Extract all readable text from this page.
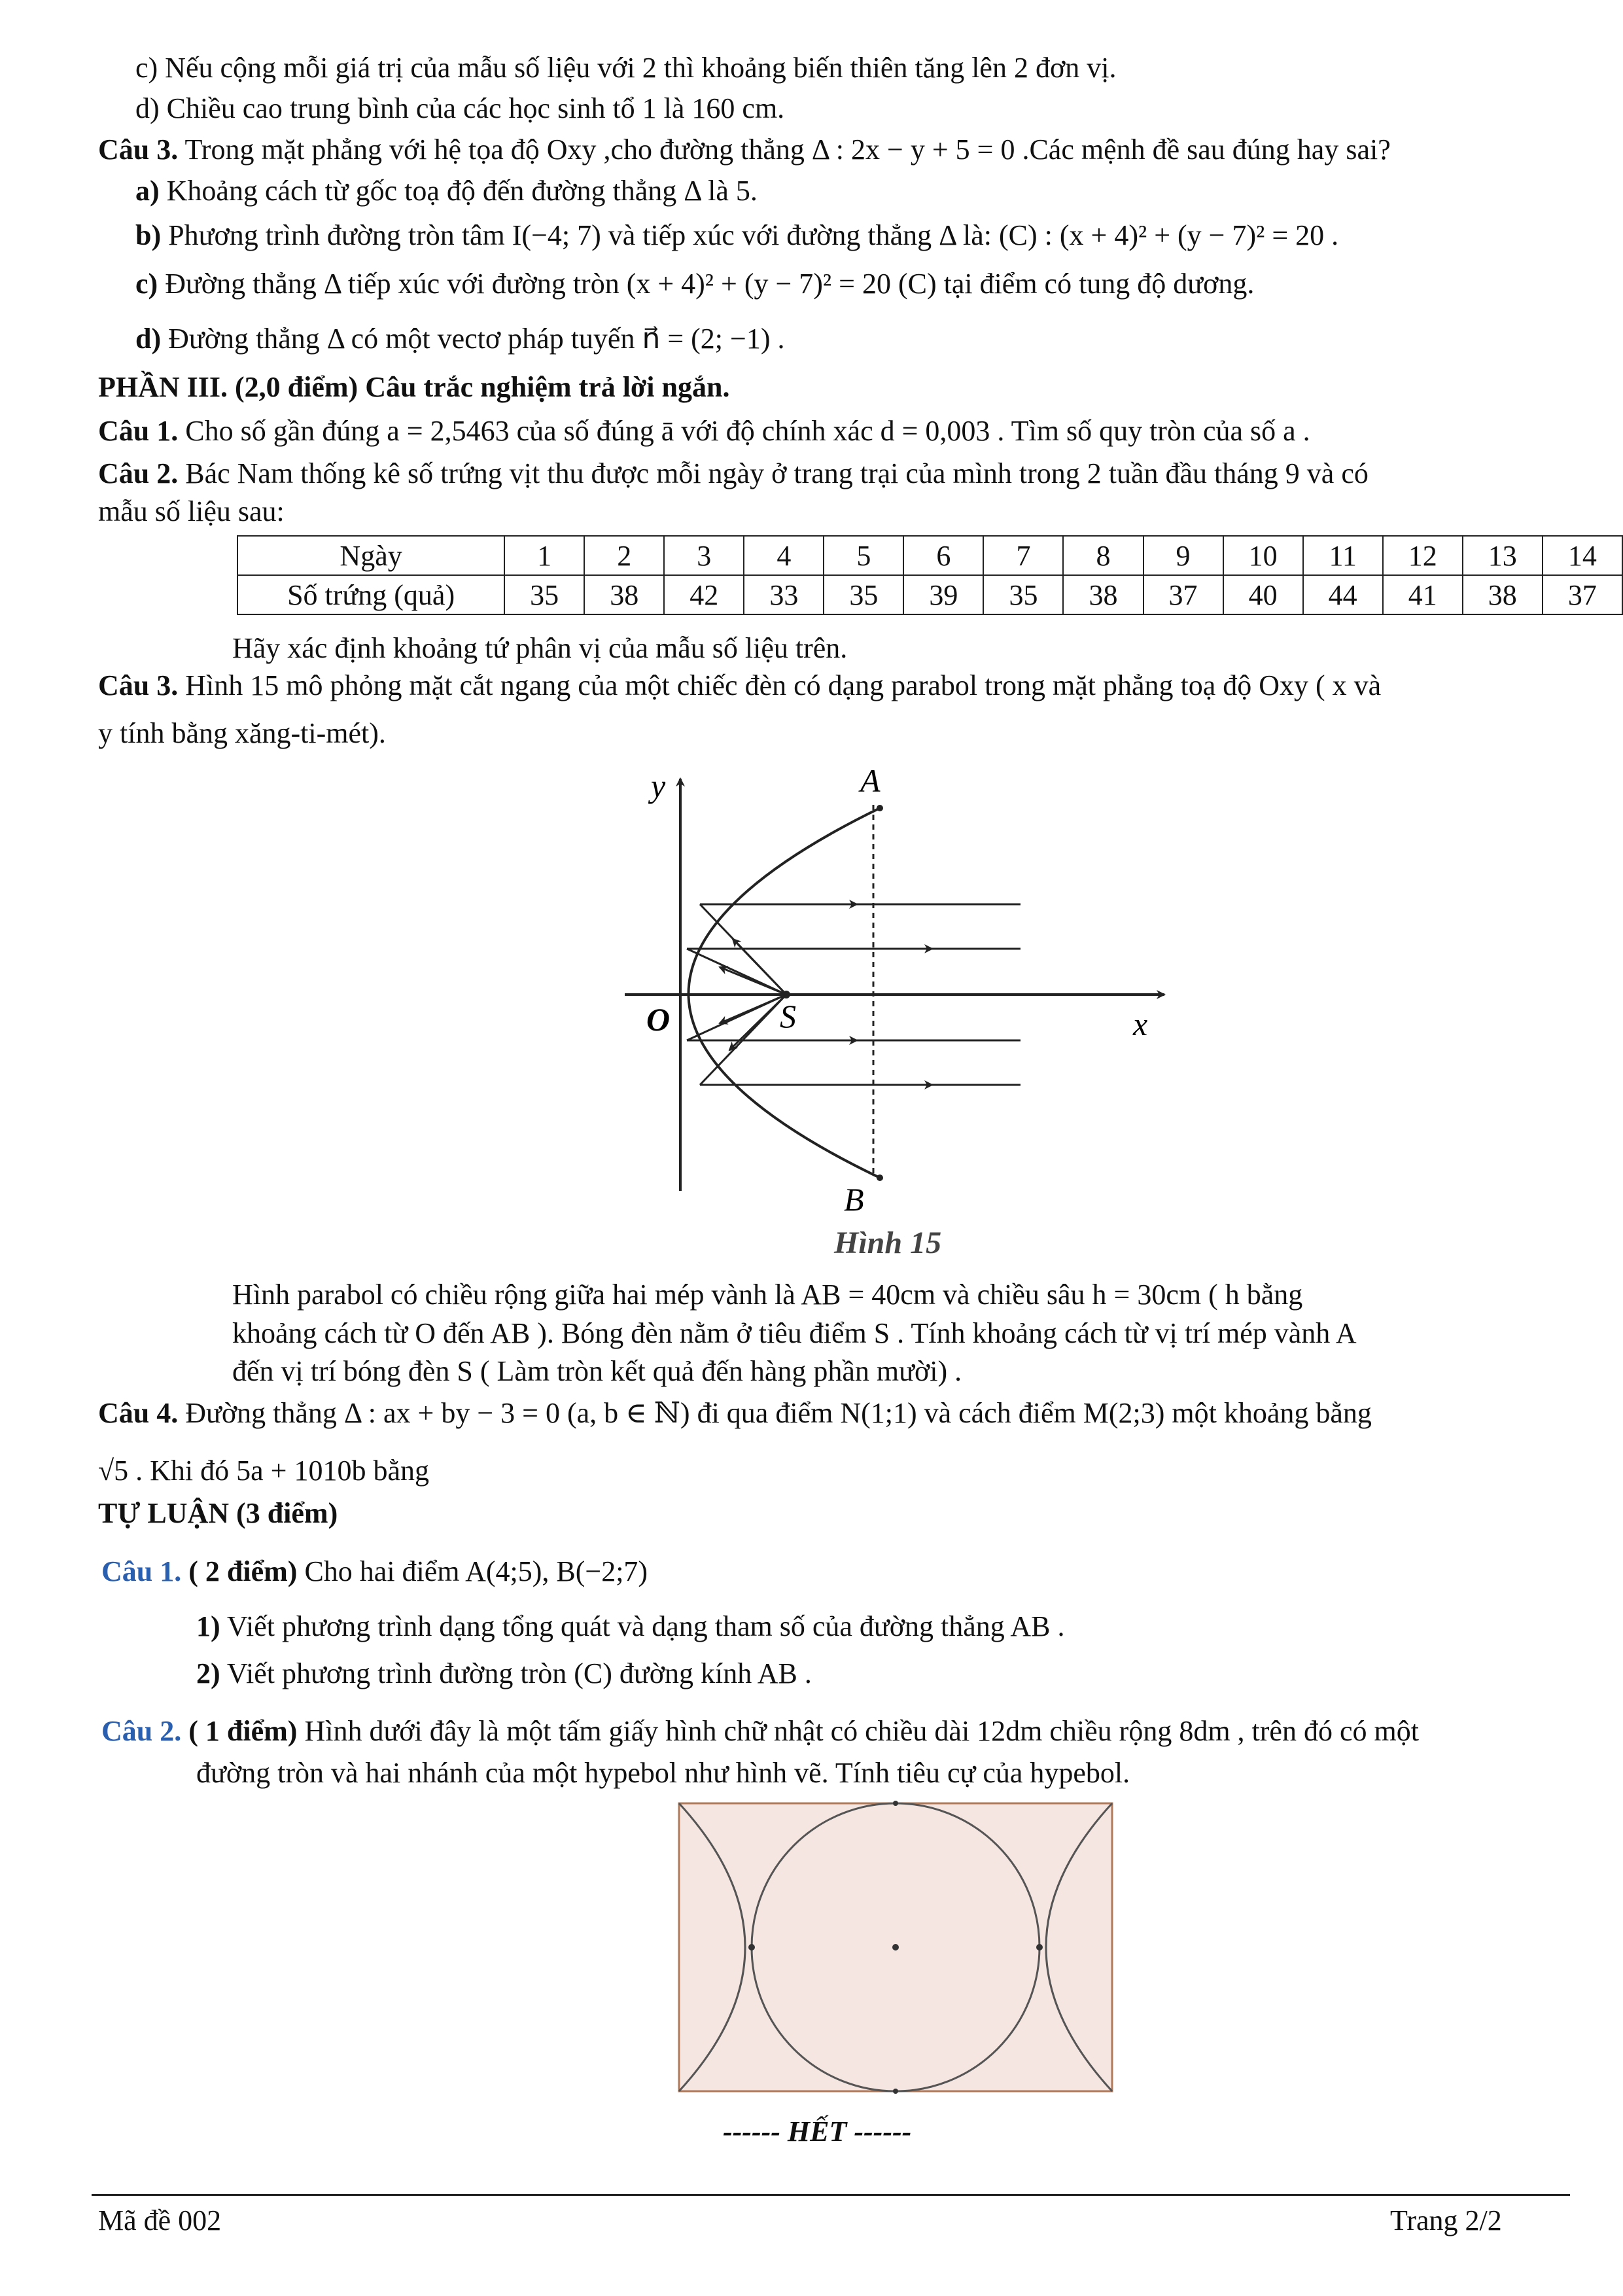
c) Nếu cộng mỗi giá trị của mẫu số liệu với 2 thì khoảng biến thiên tăng lên 2 đơn vị.
d) Chiều cao trung bình của các học sinh tổ 1 là 160 cm.
Câu 3. Trong mặt phẳng với hệ tọa độ Oxy ,cho đường thẳng Δ : 2x − y + 5 = 0 .Các mệnh đề sau đúng hay sai?
a) Khoảng cách từ gốc toạ độ đến đường thẳng Δ là 5.
b) Phương trình đường tròn tâm I(−4; 7) và tiếp xúc với đường thẳng Δ là: (C) : (x + 4)² + (y − 7)² = 20 .
c) Đường thẳng Δ tiếp xúc với đường tròn (x + 4)² + (y − 7)² = 20 (C) tại điểm có tung độ dương.
d) Đường thẳng Δ có một vectơ pháp tuyến n⃗ = (2; −1) .
PHẦN III. (2,0 điểm) Câu trắc nghiệm trả lời ngắn.
Câu 1. Cho số gần đúng a = 2,5463 của số đúng ā với độ chính xác d = 0,003 . Tìm số quy tròn của số a .
Câu 2. Bác Nam thống kê số trứng vịt thu được mỗi ngày ở trang trại của mình trong 2 tuần đầu tháng 9 và có
mẫu số liệu sau:
Ngày	1	2	3	4	5	6	7	8	9	10	11	12	13	14
Số trứng (quả)	35	38	42	33	35	39	35	38	37	40	44	41	38	37
Hãy xác định khoảng tứ phân vị của mẫu số liệu trên.
Câu 3. Hình 15 mô phỏng mặt cắt ngang của một chiếc đèn có dạng parabol trong mặt phẳng toạ độ Oxy ( x và
y tính bằng xăng-ti-mét).
y	A
O	S	x
B
Hình 15
Hình parabol có chiều rộng giữa hai mép vành là AB = 40cm và chiều sâu h = 30cm ( h bằng
khoảng cách từ O đến AB ). Bóng đèn nằm ở tiêu điểm S . Tính khoảng cách từ vị trí mép vành A
đến vị trí bóng đèn S ( Làm tròn kết quả đến hàng phần mười) .
Câu 4. Đường thẳng Δ : ax + by − 3 = 0 (a, b ∈ ℕ) đi qua điểm N(1;1) và cách điểm M(2;3) một khoảng bằng
√5 . Khi đó 5a + 1010b bằng
TỰ LUẬN (3 điểm)
Câu 1. ( 2 điểm) Cho hai điểm A(4;5), B(−2;7)
1) Viết phương trình dạng tổng quát và dạng tham số của đường thẳng AB .
2) Viết phương trình đường tròn (C) đường kính AB .
Câu 2. ( 1 điểm) Hình dưới đây là một tấm giấy hình chữ nhật có chiều dài 12dm chiều rộng 8dm , trên đó có một
đường tròn và hai nhánh của một hypebol như hình vẽ. Tính tiêu cự của hypebol.
------ HẾT ------
Mã đề 002	Trang 2/2
